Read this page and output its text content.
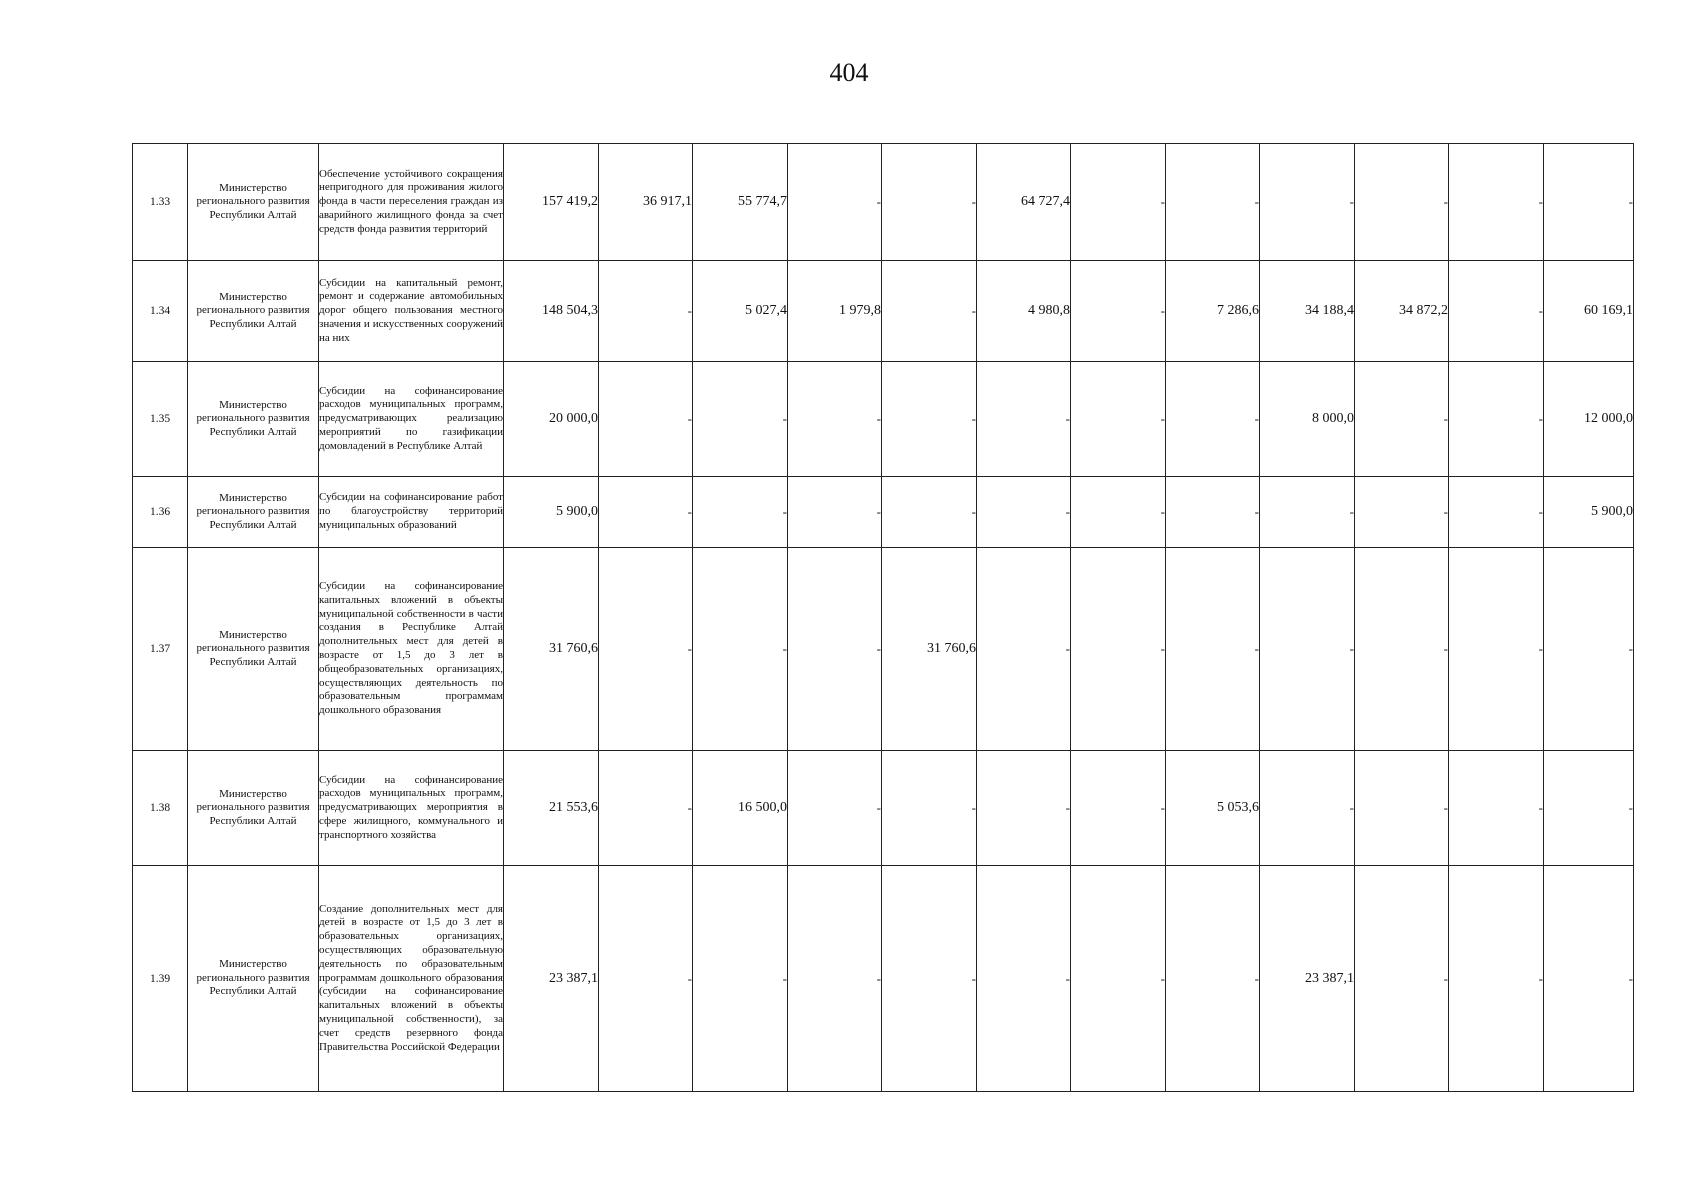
404
1.33	Министерство регионального развития Республики Алтай	Обеспечение устойчивого сокращения непригодного для проживания жилого фонда в части переселения граждан из аварийного жилищного фонда за счет средств фонда развития территорий	157 419,2	36 917,1	55 774,7	-	-	64 727,4	-	-	-	-	-	-
1.34	Министерство регионального развития Республики Алтай	Субсидии на капитальный ремонт, ремонт и содержание автомобильных дорог общего пользования местного значения и искусственных сооружений на них	148 504,3	-	5 027,4	1 979,8	-	4 980,8	-	7 286,6	34 188,4	34 872,2	-	60 169,1
1.35	Министерство регионального развития Республики Алтай	Субсидии на софинансирование расходов муниципальных программ, предусматривающих реализацию мероприятий по газификации домовладений в Республике Алтай	20 000,0	-	-	-	-	-	-	-	8 000,0	-	-	12 000,0
1.36	Министерство регионального развития Республики Алтай	Субсидии на софинансирование работ по благоустройству территорий муниципальных образований	5 900,0	-	-	-	-	-	-	-	-	-	-	5 900,0
1.37	Министерство регионального развития Республики Алтай	Субсидии на софинансирование капитальных вложений в объекты муниципальной собственности в части создания в Республике Алтай дополнительных мест для детей в возрасте от 1,5 до 3 лет в общеобразовательных организациях, осуществляющих деятельность по образовательным программам дошкольного образования	31 760,6	-	-	-	31 760,6	-	-	-	-	-	-	-
1.38	Министерство регионального развития Республики Алтай	Субсидии на софинансирование расходов муниципальных программ, предусматривающих мероприятия в сфере жилищного, коммунального и транспортного хозяйства	21 553,6	-	16 500,0	-	-	-	-	5 053,6	-	-	-	-
1.39	Министерство регионального развития Республики Алтай	Создание дополнительных мест для детей в возрасте от 1,5 до 3 лет в образовательных организациях, осуществляющих образовательную деятельность по образовательным программам дошкольного образования (субсидии на софинансирование капитальных вложений в объекты муниципальной собственности), за счет средств резервного фонда Правительства Российской Федерации	23 387,1	-	-	-	-	-	-	-	23 387,1	-	-	-
